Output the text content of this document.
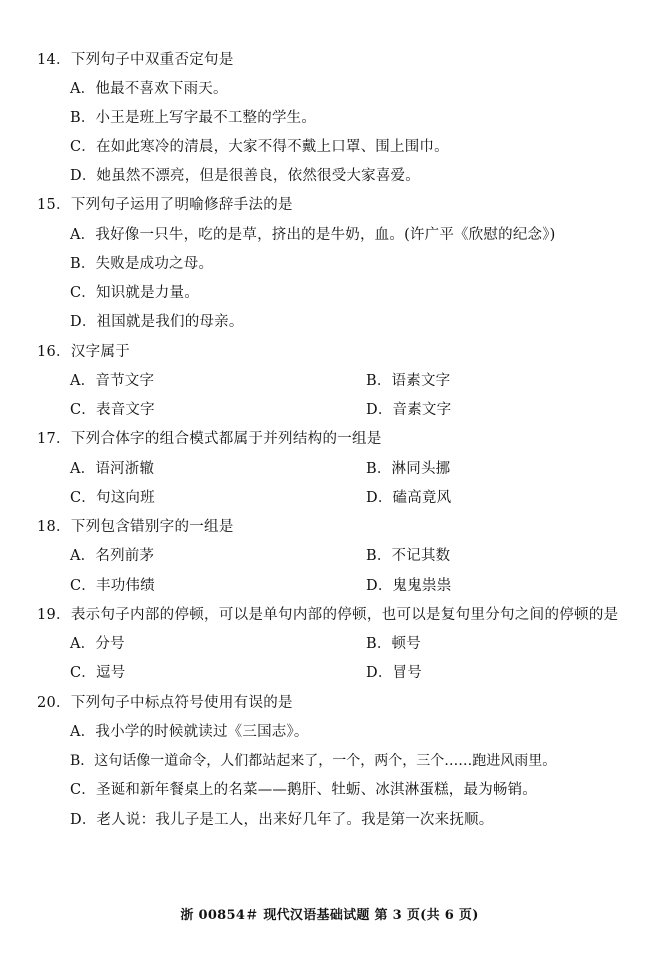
14．下列句子中双重否定句是
A．他最不喜欢下雨天。
B．小王是班上写字最不工整的学生。
C．在如此寒冷的清晨，大家不得不戴上口罩、围上围巾。
D．她虽然不漂亮，但是很善良，依然很受大家喜爱。
15．下列句子运用了明喻修辞手法的是
A．我好像一只牛，吃的是草，挤出的是牛奶，血。(许广平《欣慰的纪念》)
B．失败是成功之母。
C．知识就是力量。
D．祖国就是我们的母亲。
16．汉字属于
A．音节文字	B．语素文字
C．表音文字	D．音素文字
17．下列合体字的组合模式都属于并列结构的一组是
A．语河浙辙	B．淋同头挪
C．句这向班	D．磕高竟风
18．下列包含错别字的一组是
A．名列前茅	B．不记其数
C．丰功伟绩	D．鬼鬼祟祟
19．表示句子内部的停顿，可以是单句内部的停顿，也可以是复句里分句之间的停顿的是
A．分号	B．顿号
C．逗号	D．冒号
20．下列句子中标点符号使用有误的是
A．我小学的时候就读过《三国志》。
B．这句话像一道命令，人们都站起来了，一个，两个，三个……跑进风雨里。
C．圣诞和新年餐桌上的名菜——鹅肝、牡蛎、冰淇淋蛋糕，最为畅销。
D．老人说：我儿子是工人，出来好几年了。我是第一次来抚顺。
浙 00854＃ 现代汉语基础试题 第 3 页(共 6 页)
